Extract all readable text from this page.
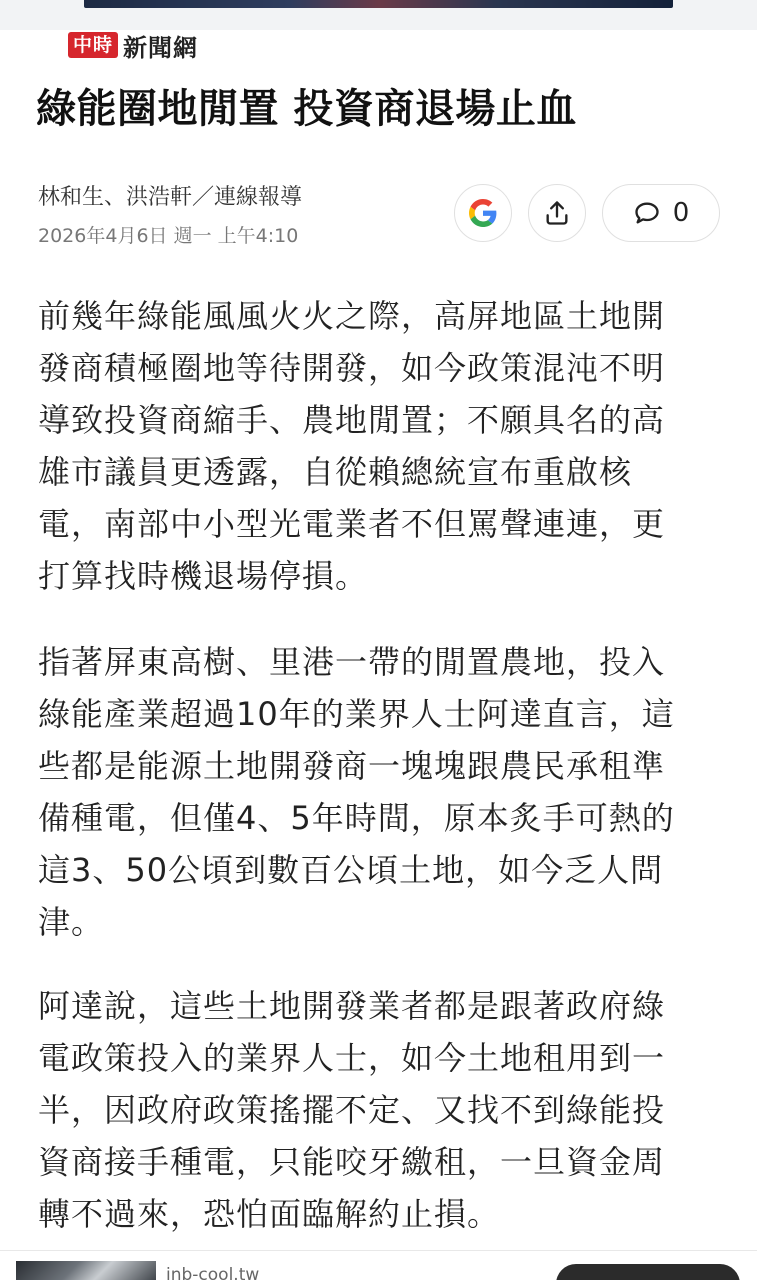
中時 新聞網
綠能圈地閒置 投資商退場止血
林和生、洪浩軒／連線報導
2026年4月6日 週一 上午4:10
0
前幾年綠能風風火火之際，高屏地區土地開
發商積極圈地等待開發，如今政策混沌不明
導致投資商縮手、農地閒置；不願具名的高
雄市議員更透露，自從賴總統宣布重啟核
電，南部中小型光電業者不但罵聲連連，更
打算找時機退場停損。
指著屏東高樹、里港一帶的閒置農地，投入
綠能產業超過10年的業界人士阿達直言，這
些都是能源土地開發商一塊塊跟農民承租準
備種電，但僅4、5年時間，原本炙手可熱的
這3、50公頃到數百公頃土地，如今乏人問
津。
阿達說，這些土地開發業者都是跟著政府綠
電政策投入的業界人士，如今土地租用到一
半，因政府政策搖擺不定、又找不到綠能投
資商接手種電，只能咬牙繳租，一旦資金周
轉不過來，恐怕面臨解約止損。
inb-cool.tw
